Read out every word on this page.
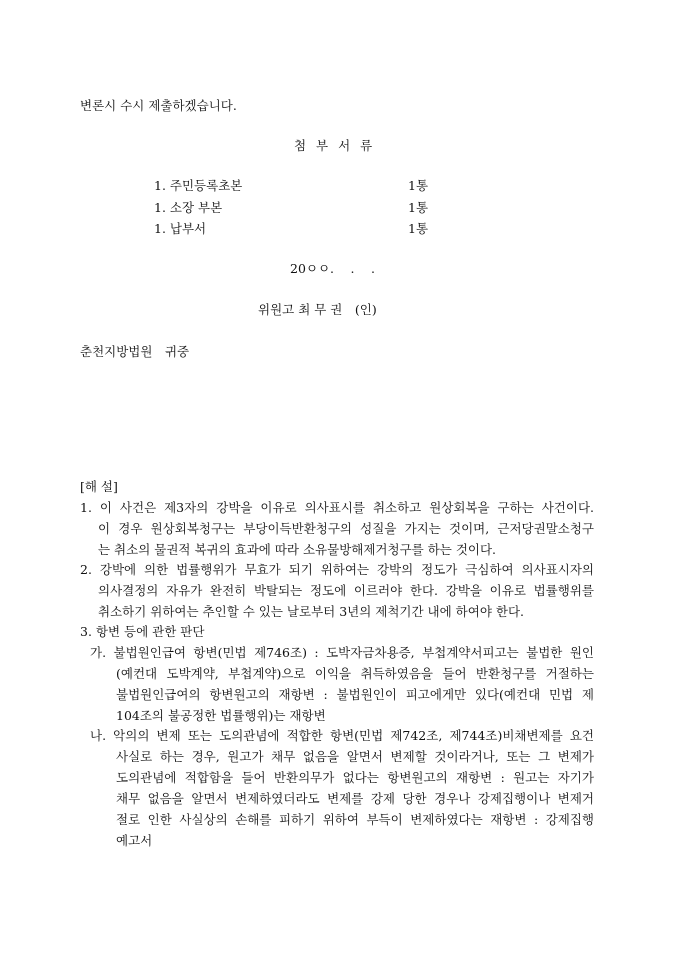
변론시 수시 제출하겠습니다.
첨 부 서 류
1. 주민등록초본	1통
1. 소장 부본	1통
1. 납부서	1통
20ㅇㅇ.　 .　 .
위원고 최 무 권　(인)
춘천지방법원　귀중
[해 설]
1. 이 사건은 제3자의 강박을 이유로 의사표시를 취소하고 원상회복을 구하는 사건이다.
이 경우 원상회복청구는 부당이득반환청구의 성질을 가지는 것이며, 근저당권말소청구
는 취소의 물권적 복귀의 효과에 따라 소유물방해제거청구를 하는 것이다.
2. 강박에 의한 법률행위가 무효가 되기 위하여는 강박의 정도가 극심하여 의사표시자의
의사결정의 자유가 완전히 박탈되는 정도에 이르러야 한다. 강박을 이유로 법률행위를
취소하기 위하여는 추인할 수 있는 날로부터 3년의 제척기간 내에 하여야 한다.
3. 항변 등에 관한 판단
가. 불법원인급여 항변(민법 제746조) : 도박자금차용증, 부첩계약서피고는 불법한 원인
(예컨대 도박계약, 부첩계약)으로 이익을 취득하였음을 들어 반환청구를 거절하는
불법원인급여의 항변원고의 재항변 : 불법원인이 피고에게만 있다(예컨대 민법 제
104조의 불공정한 법률행위)는 재항변
나. 악의의 변제 또는 도의관념에 적합한 항변(민법 제742조, 제744조)비채변제를 요건
사실로 하는 경우, 원고가 채무 없음을 알면서 변제할 것이라거나, 또는 그 변제가
도의관념에 적합함을 들어 반환의무가 없다는 항변원고의 재항변 : 원고는 자기가
채무 없음을 알면서 변제하였더라도 변제를 강제 당한 경우나 강제집행이나 변제거
절로 인한 사실상의 손해를 피하기 위하여 부득이 변제하였다는 재항변 : 강제집행
예고서
